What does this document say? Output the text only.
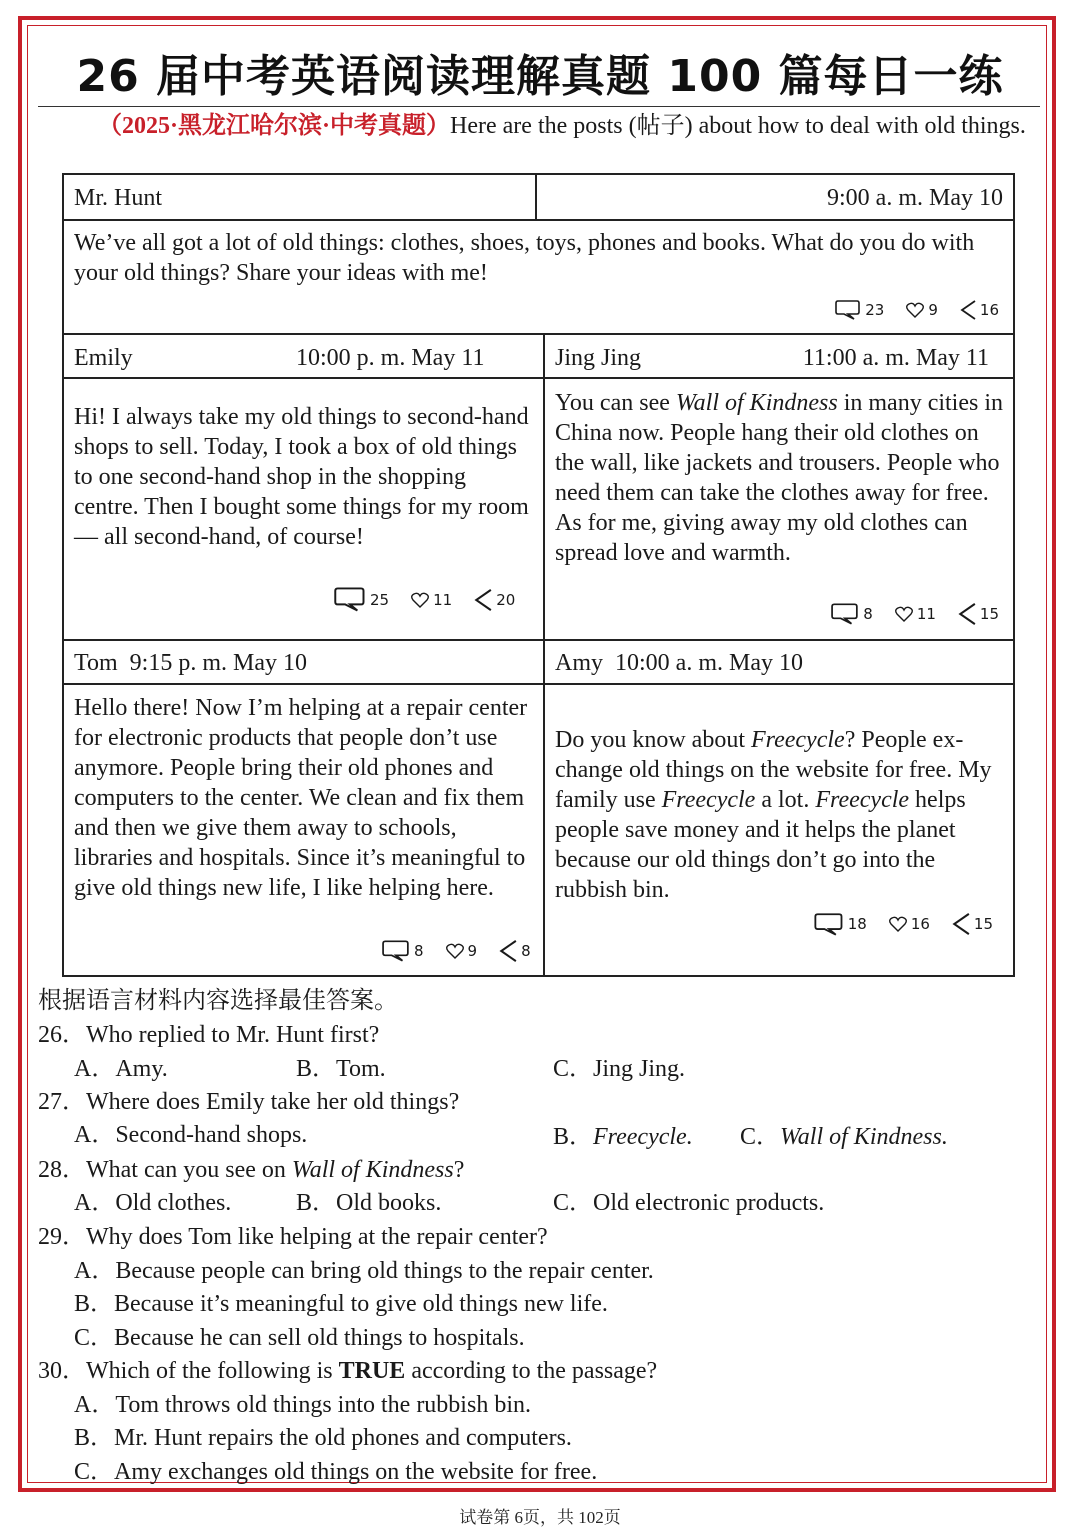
26 届中考英语阅读理解真题 100 篇每日一练
（2025·黑龙江哈尔滨·中考真题）Here are the posts (帖子) about how to deal with old things.
Mr. Hunt	9:00 a. m. May 10
We’ve all got a lot of old things: clothes, shoes, toys, phones and books. What do you do with your old things? Share your ideas with me!
23	9	16
Emily	10:00 p. m. May 11
Hi! I always take my old things to second-hand shops to sell. Today, I took a box of old things to one second-hand shop in the shopping centre. Then I bought some things for my room— all second-hand, of course!
25	11	20
Jing Jing	11:00 a. m. May 11
You can see Wall of Kindness in many cities in China now. People hang their old clothes on the wall, like jackets and trousers. People who need them can take the clothes away for free. As for me, giving away my old clothes can spread love and warmth.
8	11	15
Tom  9:15 p. m. May 10
Hello there! Now I’m helping at a repair center for electronic products that people don’t use anymore. People bring their old phones and computers to the center. We clean and fix them and then we give them away to schools, libraries and hospitals. Since it’s meaningful to give old things new life, I like helping here.
8	9	8
Amy  10:00 a. m. May 10
Do you know about Freecycle? People ex-change old things on the website for free. My family use Freecycle a lot. Freecycle helps people save money and it helps the planet because our old things don’t go into the rubbish bin.
18	16	15
根据语言材料内容选择最佳答案。
26．Who replied to Mr. Hunt first?
A．Amy.	B．Tom.	C．Jing Jing.
27．Where does Emily take her old things?
A．Second-hand shops.	B．Freecycle. C．Wall of Kindness.
28．What can you see on Wall of Kindness?
A．Old clothes.	B．Old books.	C．Old electronic products.
29．Why does Tom like helping at the repair center?
A．Because people can bring old things to the repair center.
B．Because it’s meaningful to give old things new life.
C．Because he can sell old things to hospitals.
30．Which of the following is TRUE according to the passage?
A．Tom throws old things into the rubbish bin.
B．Mr. Hunt repairs the old phones and computers.
C．Amy exchanges old things on the website for free.
试卷第 6页，共 102页
